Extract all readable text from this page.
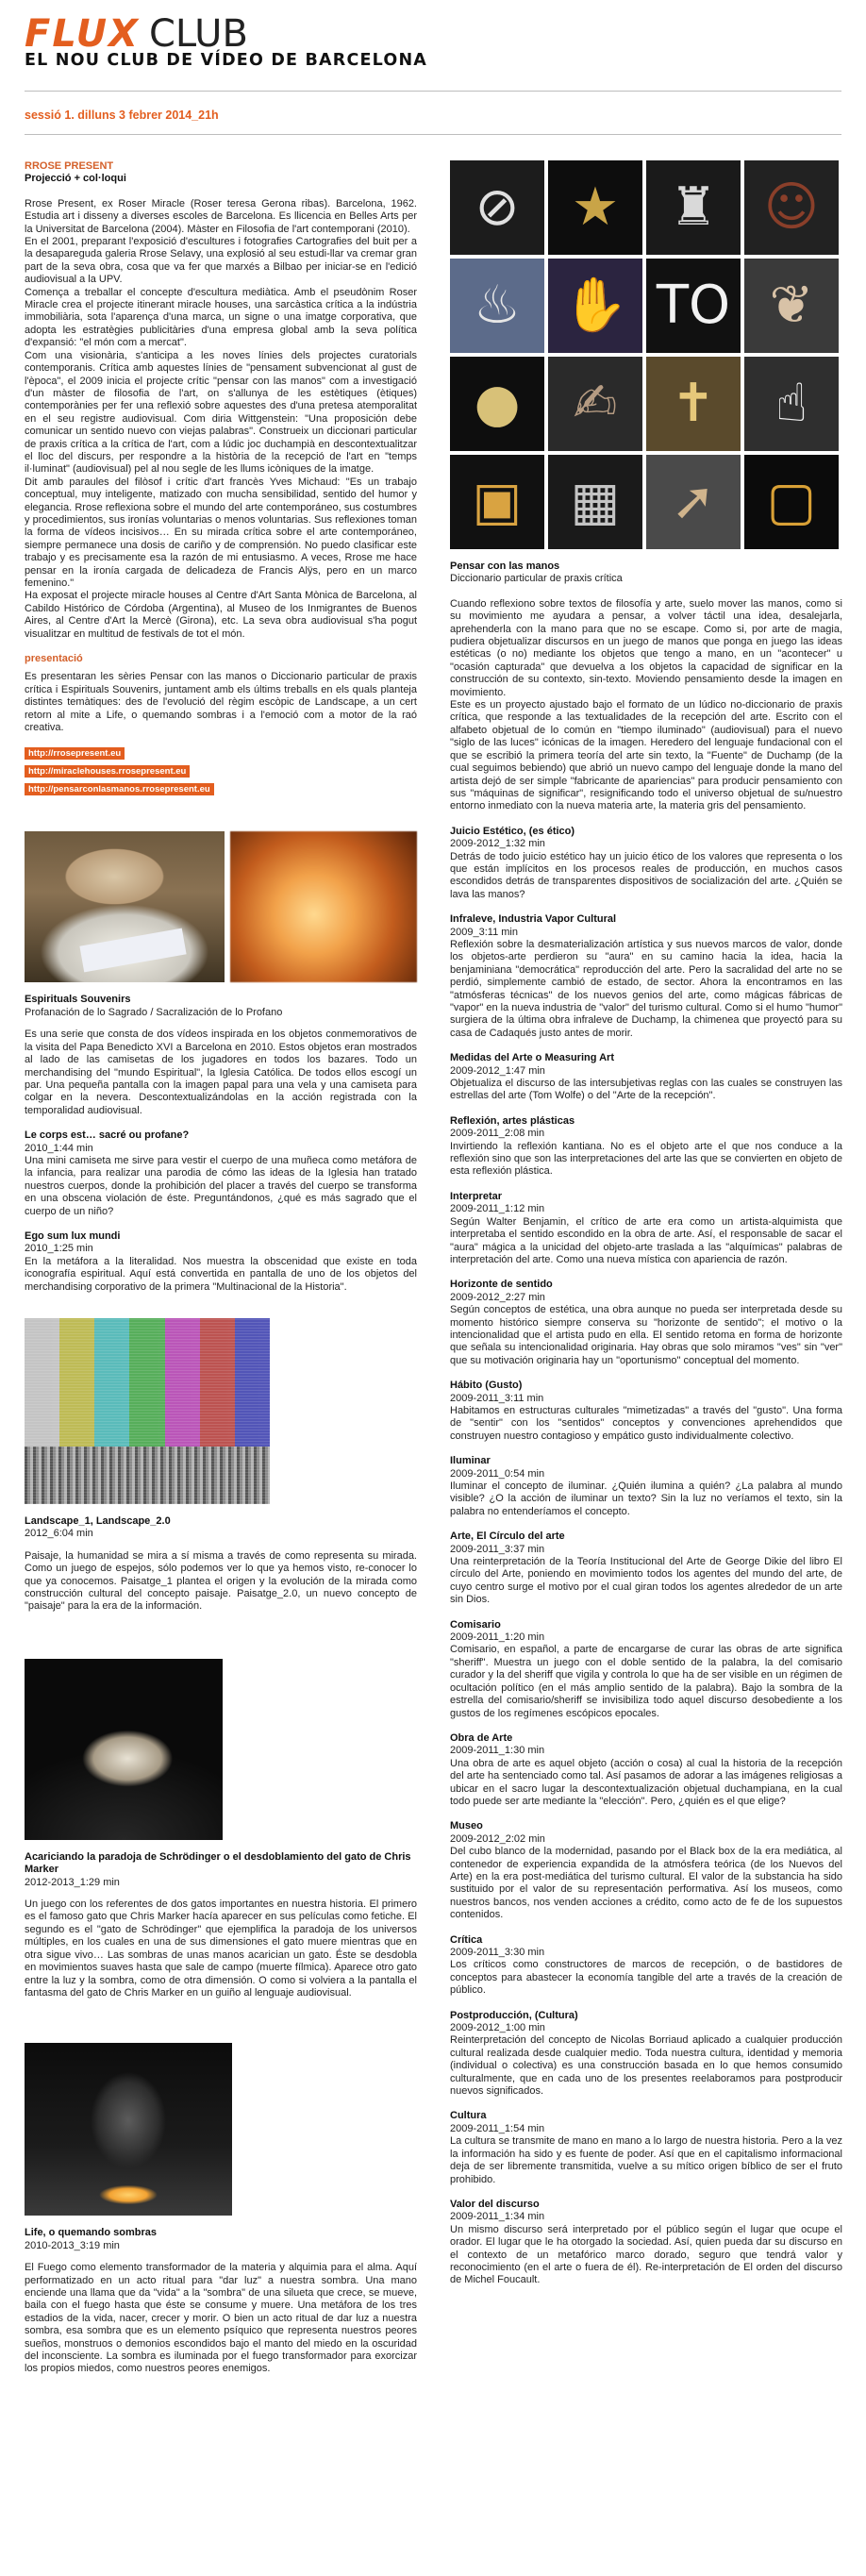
FLUX CLUB
EL NOU CLUB DE VÍDEO DE BARCELONA
sessió 1. dilluns 3 febrer 2014_21h
RROSE PRESENT
Projecció + col·loqui

Rrose Present, ex Roser Miracle (Roser teresa Gerona ribas). Barcelona, 1962. Estudia art i disseny a diverses escoles de Barcelona. Es llicencia en Belles Arts per la Universitat de Barcelona (2004). Màster en Filosofia de l'art contemporani (2010).

En el 2001, preparant l'exposició d'escultures i fotografies Cartografies del buit per a la desapareguda galeria Rrose Selavy, una explosió al seu estudi-llar va cremar gran part de la seva obra, cosa que va fer que marxés a Bilbao per iniciar-se en l'edició audiovisual a la UPV.

Comença a treballar el concepte d'escultura mediàtica. Amb el pseudònim Roser Miracle crea el projecte itinerant miracle houses, una sarcàstica crítica a la indústria immobiliària, sota l'aparença d'una marca, un signe o una imatge corporativa, que adopta les estratègies publicitàries d'una empresa global amb la seva política d'expansió: "el món com a mercat".

Com una visionària, s'anticipa a les noves línies dels projectes curatorials contemporanis. Crítica amb aquestes línies de "pensament subvencionat al gust de l'època", el 2009 inicia el projecte crític "pensar con las manos" com a investigació d'un màster de filosofia de l'art, on s'allunya de les estètiques (ètiques) contemporànies per fer una reflexió sobre aquestes des d'una pretesa atemporalitat en el seu registre audiovisual. Com diria Wittgenstein: "Una proposición debe comunicar un sentido nuevo con viejas palabras". Construeix un diccionari particular de praxis crítica a la crítica de l'art, com a lúdic joc duchampià en descontextualitzar el lloc del discurs, per respondre a la història de la recepció de l'art en "temps il·luminat" (audiovisual) pel al nou segle de les llums icòniques de la imatge.

Dit amb paraules del filòsof i crític d'art francès Yves Michaud: "Es un trabajo conceptual, muy inteligente, matizado con mucha sensibilidad, sentido del humor y elegancia. Rrose reflexiona sobre el mundo del arte contemporáneo, sus costumbres y procedimientos, sus ironías voluntarias o menos voluntarias. Sus reflexiones toman la forma de vídeos incisivos… En su mirada crítica sobre el arte contemporáneo, siempre permanece una dosis de cariño y de comprensión. No puedo clasificar este trabajo y es precisamente esa la razón de mi entusiasmo. A veces, Rrose me hace pensar en la ironía cargada de delicadeza de Francis Alÿs, pero en un marco femenino."

Ha exposat el projecte miracle houses al Centre d'Art Santa Mònica de Barcelona, al Cabildo Histórico de Córdoba (Argentina), al Museo de los Inmigrantes de Buenos Aires, al Centre d'Art la Mercè (Girona), etc. La seva obra audiovisual s'ha pogut visualitzar en multitud de festivals de tot el món.

presentació

Es presentaran les sèries Pensar con las manos o Diccionario particular de praxis crítica i Espirituals Souvenirs, juntament amb els últims treballs en els quals planteja distintes temàtiques: des de l'evolució del règim escòpic de Landscape, a un cert retorn al mite a Life, o quemando sombras i a l'emoció com a motor de la raó creativa.

http://rrosepresent.eu
http://miraclehouses.rrosepresent.eu
http://pensarconlasmanos.rrosepresent.eu
Espirituals Souvenirs
Profanación de lo Sagrado / Sacralización de lo Profano

Es una serie que consta de dos vídeos inspirada en los objetos conmemorativos de la visita del Papa Benedicto XVI a Barcelona en 2010. Estos objetos eran mostrados al lado de las camisetas de los jugadores en todos los bazares. Todo un merchandising del "mundo Espiritual", la Iglesia Católica. De todos ellos escogí un par. Una pequeña pantalla con la imagen papal para una vela y una camiseta para colgar en la nevera. Descontextualizándolas en la acción registrada con la temporalidad audiovisual.

Le corps est… sacré ou profane?
2010_1:44 min

Una mini camiseta me sirve para vestir el cuerpo de una muñeca como metáfora de la infancia, para realizar una parodia de cómo las ideas de la Iglesia han tratado nuestros cuerpos, donde la prohibición del placer a través del cuerpo se transforma en una obscena violación de éste. Preguntándonos, ¿qué es más sagrado que el cuerpo de un niño?

Ego sum lux mundi
2010_1:25 min

En la metáfora a la literalidad. Nos muestra la obscenidad que existe en toda iconografía espiritual. Aquí está convertida en pantalla de uno de los objetos del merchandising corporativo de la primera "Multinacional de la Historia".

Landscape_1, Landscape_2.0
2012_6:04 min

Paisaje, la humanidad se mira a sí misma a través de como representa su mirada. Como un juego de espejos, sólo podemos ver lo que ya hemos visto, re-conocer lo que ya conocemos. Paisatge_1 plantea el origen y la evolución de la mirada como construcción cultural del concepto paisaje. Paisatge_2.0, un nuevo concepto de "paisaje" para la era de la información.

Acariciando la paradoja de Schrödinger o el desdoblamiento del gato de Chris Marker
2012-2013_1:29 min

Un juego con los referentes de dos gatos importantes en nuestra historia. El primero es el famoso gato que Chris Marker hacía aparecer en sus películas como fetiche. El segundo es el "gato de Schrödinger" que ejemplifica la paradoja de los universos múltiples, en los cuales en una de sus dimensiones el gato muere mientras que en otra sigue vivo… Las sombras de unas manos acarician un gato. Éste se desdobla en movimientos suaves hasta que sale de campo (muerte fílmica). Aparece otro gato entre la luz y la sombra, como de otra dimensión. O como si volviera a la pantalla el fantasma del gato de Chris Marker en un guiño al lenguaje audiovisual.

Life, o quemando sombras
2010-2013_3:19 min

El Fuego como elemento transformador de la materia y alquimia para el alma. Aquí performatizado en un acto ritual para "dar luz" a nuestra sombra. Una mano enciende una llama que da "vida" a la "sombra" de una silueta que crece, se mueve, baila con el fuego hasta que éste se consume y muere. Una metáfora de los tres estadios de la vida, nacer, crecer y morir. O bien un acto ritual de dar luz a nuestra sombra, esa sombra que es un elemento psíquico que representa nuestros peores sueños, monstruos o demonios escondidos bajo el manto del miedo en la oscuridad del inconsciente. La sombra es iluminada por el fuego transformador para exorcizar los propios miedos, como nuestros peores enemigos.

⊘ ★ ♜ ☺
♨ ✋ TO ❦
● ✍ ✝ ☝
▣ ▦ ➚ ▢
Pensar con las manos
Diccionario particular de praxis crítica

Cuando reflexiono sobre textos de filosofía y arte, suelo mover las manos, como si su movimiento me ayudara a pensar, a volver táctil una idea, desalejarla, aprehenderla con la mano para que no se escape. Como si, por arte de magia, pudiera objetualizar discursos en un juego de manos que ponga en juego las ideas estéticas (o no) mediante los objetos que tengo a mano, en un "acontecer" u "ocasión capturada" que devuelva a los objetos la capacidad de significar en la construcción de su contexto, sin-texto. Moviendo pensamiento desde la imagen en movimiento.

Este es un proyecto ajustado bajo el formato de un lúdico no-diccionario de praxis crítica, que responde a las textualidades de la recepción del arte. Escrito con el alfabeto objetual de lo común en "tiempo iluminado" (audiovisual) para el nuevo "siglo de las luces" icónicas de la imagen. Heredero del lenguaje fundacional con el que se escribió la primera teoría del arte sin texto, la "Fuente" de Duchamp (de la cual seguimos bebiendo) que abrió un nuevo campo del lenguaje donde la mano del artista dejó de ser simple "fabricante de apariencias" para producir pensamiento con sus "máquinas de significar", resignificando todo el universo objetual de su/nuestro entorno inmediato con la nueva materia arte, la materia gris del pensamiento.

Juicio Estético, (es ético)
2009-2012_1:32 min

Detrás de todo juicio estético hay un juicio ético de los valores que representa o los que están implícitos en los procesos reales de producción, en muchos casos escondidos detrás de transparentes dispositivos de socialización del arte. ¿Quién se lava las manos?

Infraleve, Industria Vapor Cultural
2009_3:11 min

Reflexión sobre la desmaterialización artística y sus nuevos marcos de valor, donde los objetos-arte perdieron su "aura" en su camino hacia la idea, hacia la benjaminiana "democrática" reproducción del arte. Pero la sacralidad del arte no se perdió, simplemente cambió de estado, de sector. Ahora la encontramos en las "atmósferas técnicas" de los nuevos genios del arte, como mágicas fábricas de "vapor" en la nueva industria de "valor" del turismo cultural. Como si el humo "humor" surgiera de la última obra infraleve de Duchamp, la chimenea que proyectó para su casa de Cadaqués justo antes de morir.

Medidas del Arte o Measuring Art
2009-2012_1:47 min

Objetualiza el discurso de las intersubjetivas reglas con las cuales se construyen las estrellas del arte (Tom Wolfe) o del "Arte de la recepción".

Reflexión, artes plásticas
2009-2011_2:08 min

Invirtiendo la reflexión kantiana. No es el objeto arte el que nos conduce a la reflexión sino que son las interpretaciones del arte las que se convierten en objeto de esta reflexión plástica.

Interpretar
2009-2011_1:12 min

Según Walter Benjamin, el crítico de arte era como un artista-alquimista que interpretaba el sentido escondido en la obra de arte. Así, el responsable de sacar el "aura" mágica a la unicidad del objeto-arte traslada a las "alquímicas" palabras de interpretación del arte. Como una nueva mística con apariencia de razón.

Horizonte de sentido
2009-2012_2:27 min

Según conceptos de estética, una obra aunque no pueda ser interpretada desde su momento histórico siempre conserva su "horizonte de sentido"; el motivo o la intencionalidad que el artista pudo en ella. El sentido retoma en forma de horizonte que señala su intencionalidad originaria. Hay obras que solo miramos "ves" sin "ver" que su motivación originaria hay un "oportunismo" conceptual del momento.

Hábito (Gusto)
2009-2011_3:11 min

Habitamos en estructuras culturales "mimetizadas" a través del "gusto". Una forma de "sentir" con los "sentidos" conceptos y convenciones aprehendidos que construyen nuestro contagioso y empático gusto individualmente colectivo.

Iluminar
2009-2011_0:54 min

Iluminar el concepto de iluminar. ¿Quién ilumina a quién? ¿La palabra al mundo visible? ¿O la acción de iluminar un texto? Sin la luz no veríamos el texto, sin la palabra no entenderíamos el concepto.

Arte, El Círculo del arte
2009-2011_3:37 min

Una reinterpretación de la Teoría Institucional del Arte de George Dikie del libro El círculo del Arte, poniendo en movimiento todos los agentes del mundo del arte, de cuyo centro surge el motivo por el cual giran todos los agentes alrededor de un arte sin Dios.

Comisario
2009-2011_1:20 min

Comisario, en español, a parte de encargarse de curar las obras de arte significa "sheriff". Muestra un juego con el doble sentido de la palabra, la del comisario curador y la del sheriff que vigila y controla lo que ha de ser visible en un régimen de ocultación político (en el más amplio sentido de la palabra). Bajo la sombra de la estrella del comisario/sheriff se invisibiliza todo aquel discurso desobediente a los gustos de los regímenes escópicos epocales.

Obra de Arte
2009-2011_1:30 min

Una obra de arte es aquel objeto (acción o cosa) al cual la historia de la recepción del arte ha sentenciado como tal. Así pasamos de adorar a las imágenes religiosas a ubicar en el sacro lugar la descontextualización objetual duchampiana, en la cual todo puede ser arte mediante la "elección". Pero, ¿quién es el que elige?

Museo
2009-2012_2:02 min

Del cubo blanco de la modernidad, pasando por el Black box de la era mediática, al contenedor de experiencia expandida de la atmósfera teórica (de los Nuevos del Arte) en la era post-mediática del turismo cultural. El valor de la substancia ha sido sustituido por el valor de su representación performativa. Así los museos, como nuestros bancos, nos venden acciones a crédito, como acto de fe de los supuestos contenidos.

Crítica
2009-2011_3:30 min

Los críticos como constructores de marcos de recepción, o de bastidores de conceptos para abastecer la economía tangible del arte a través de la creación de público.

Postproducción, (Cultura)
2009-2012_1:00 min

Reinterpretación del concepto de Nicolas Borriaud aplicado a cualquier producción cultural realizada desde cualquier medio. Toda nuestra cultura, identidad y memoria (individual o colectiva) es una construcción basada en lo que hemos consumido culturalmente, que en cada uno de los presentes reelaboramos para postproducir nuevos significados.

Cultura
2009-2011_1:54 min

La cultura se transmite de mano en mano a lo largo de nuestra historia. Pero a la vez la información ha sido y es fuente de poder. Así que en el capitalismo informacional deja de ser libremente transmitida, vuelve a su mítico origen bíblico de ser el fruto prohibido.

Valor del discurso
2009-2011_1:34 min

Un mismo discurso será interpretado por el público según el lugar que ocupe el orador. El lugar que le ha otorgado la sociedad. Así, quien pueda dar su discurso en el contexto de un metafórico marco dorado, seguro que tendrá valor y reconocimiento (en el arte o fuera de él). Re-interpretación de El orden del discurso de Michel Foucault.
